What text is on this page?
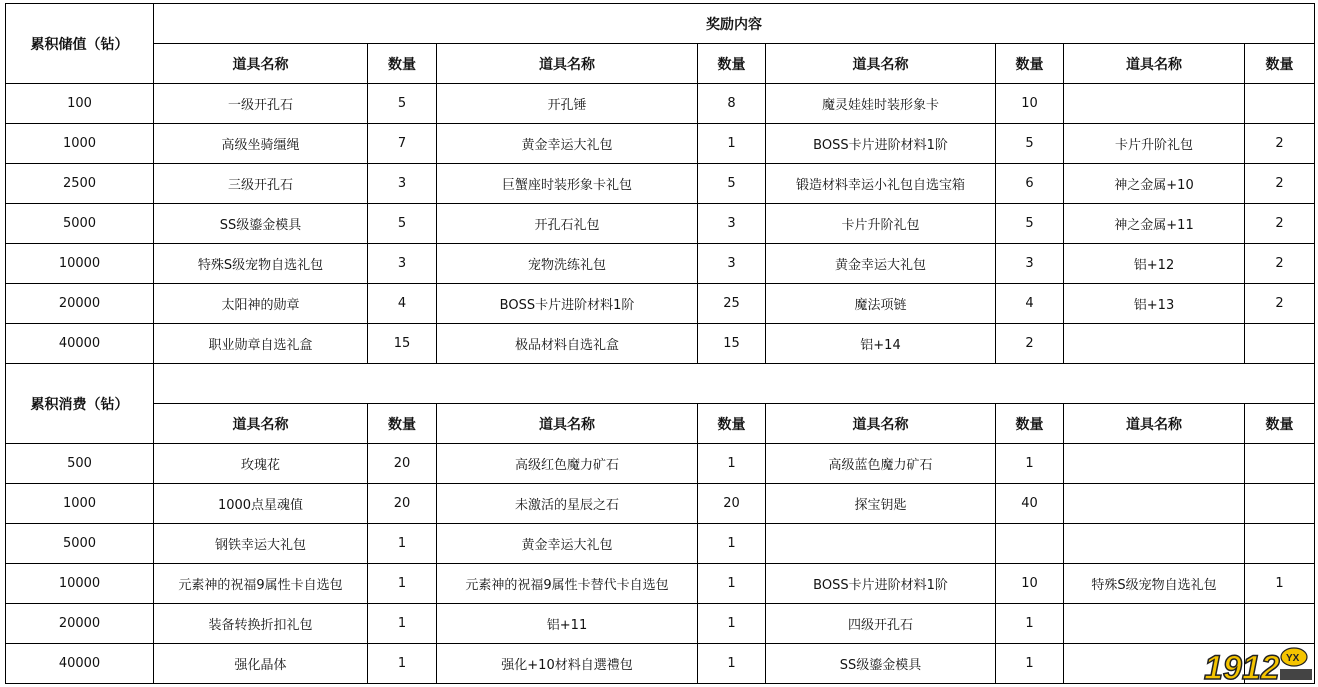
累积储值（钻）	奖励内容							
	道具名称	数量	道具名称	数量	道具名称	数量	道具名称	数量
100	一级开孔石	5	开孔锤	8	魔灵娃娃时装形象卡	10		
1000	高级坐骑缰绳	7	黄金幸运大礼包	1	BOSS卡片进阶材料1阶	5	卡片升阶礼包	2
2500	三级开孔石	3	巨蟹座时装形象卡礼包	5	锻造材料幸运小礼包自选宝箱	6	神之金属+10	2
5000	SS级鎏金模具	5	开孔石礼包	3	卡片升阶礼包	5	神之金属+11	2
10000	特殊S级宠物自选礼包	3	宠物洗练礼包	3	黄金幸运大礼包	3	铝+12	2
20000	太阳神的勋章	4	BOSS卡片进阶材料1阶	25	魔法项链	4	铝+13	2
40000	职业勋章自选礼盒	15	极品材料自选礼盒	15	铝+14	2		
累积消费（钻）								
	道具名称	数量	道具名称	数量	道具名称	数量	道具名称	数量
500	玫瑰花	20	高级红色魔力矿石	1	高级蓝色魔力矿石	1		
1000	1000点星魂值	20	未激活的星辰之石	20	探宝钥匙	40		
5000	钢铁幸运大礼包	1	黄金幸运大礼包	1				
10000	元素神的祝福9属性卡自选包	1	元素神的祝福9属性卡替代卡自选包	1	BOSS卡片进阶材料1阶	10	特殊S级宠物自选礼包	1
20000	装备转换折扣礼包	1	铝+11	1	四级开孔石	1		
40000	强化晶体	1	强化+10材料自選禮包	1	SS级鎏金模具	1			1912 YX
